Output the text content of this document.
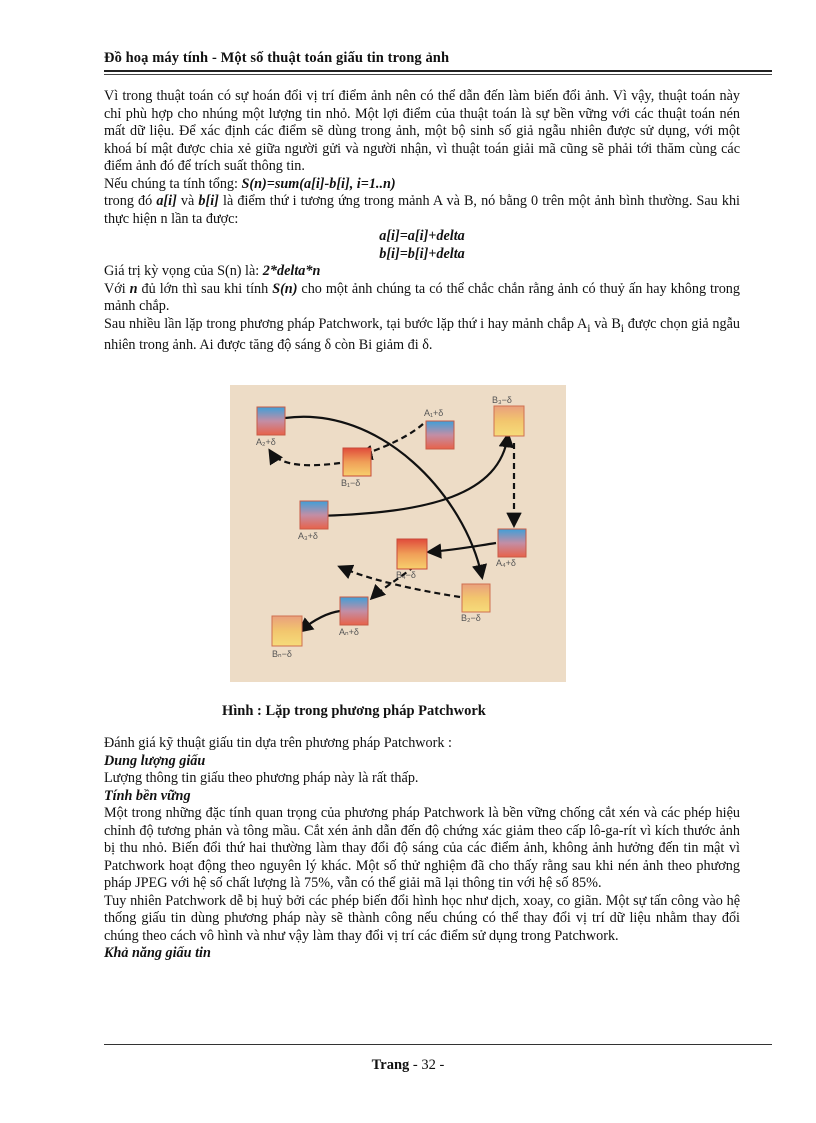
Đồ hoạ máy tính - Một số thuật toán giấu tin trong ảnh

Vì trong thuật toán có sự hoán đổi vị trí điểm ảnh nên có thể dẫn đến làm biến đổi ảnh. Vì vậy, thuật toán này chỉ phù hợp cho nhúng một lượng tin nhỏ. Một lợi điểm của thuật toán là sự bền vững với các thuật toán nén mất dữ liệu. Để xác định các điểm sẽ dùng trong ảnh, một bộ sinh số giả ngẫu nhiên được sử dụng, với một khoá bí mật được chia xẻ giữa người gửi và người nhận, vì thuật toán giải mã cũng sẽ phải tới thăm cùng các điểm ảnh đó để trích suất thông tin.

Nếu chúng ta tính tổng: S(n)=sum(a[i]-b[i], i=1..n)

trong đó a[i] và b[i] là điểm thứ i tương ứng trong mảnh A và B, nó bằng 0 trên một ảnh bình thường. Sau khi thực hiện n lần ta được:

a[i]=a[i]+delta

b[i]=b[i]+delta

Giá trị kỳ vọng của S(n) là: 2*delta*n

Với n đủ lớn thì sau khi tính S(n) cho một ảnh chúng ta có thể chắc chắn rằng ảnh có thuỷ ấn hay không trong mảnh chắp.

Sau nhiều lần lặp trong phương pháp Patchwork, tại bước lặp thứ i hay mảnh chắp $A_i$ và $B_i$ được chọn giả ngẫu nhiên trong ảnh. Ai được tăng độ sáng δ còn Bi giảm đi δ.

A₂+δ
A₁+δ
B₃−δ
B₁−δ
A₃+δ
A₄+δ
B₄−δ
B₂−δ
Aₙ+δ
Bₙ−δ
Hình : Lặp trong phương pháp Patchwork

Đánh giá kỹ thuật giấu tin dựa trên phương pháp Patchwork :

Dung lượng giấu

Lượng thông tin giấu theo phương pháp này là rất thấp.

Tính bền vững

Một trong những đặc tính quan trọng của phương pháp Patchwork là bền vững chống cắt xén và các phép hiệu chỉnh độ tương phản và tông mầu. Cắt xén ảnh dẫn đến độ chứng xác giảm theo cấp lô-ga-rít vì kích thước ảnh bị thu nhỏ. Biến đổi thứ hai thường làm thay đổi độ sáng của các điểm ảnh, không ảnh hưởng đến tin mật vì Patchwork hoạt động theo nguyên lý khác. Một số thử nghiệm đã cho thấy rằng sau khi nén ảnh theo phương pháp JPEG với hệ số chất lượng là 75%, vẫn có thể giải mã lại thông tin với hệ số 85%.

Tuy nhiên Patchwork dễ bị huỷ bởi các phép biến đổi hình học như dịch, xoay, co giãn. Một sự tấn công vào hệ thống giấu tin dùng phương pháp này sẽ thành công nếu chúng có thể thay đổi vị trí dữ liệu nhằm thay đổi chúng theo cách vô hình và như vậy làm thay đổi vị trí các điểm sử dụng trong Patchwork.

Khả năng giấu tin

Trang - 32 -
